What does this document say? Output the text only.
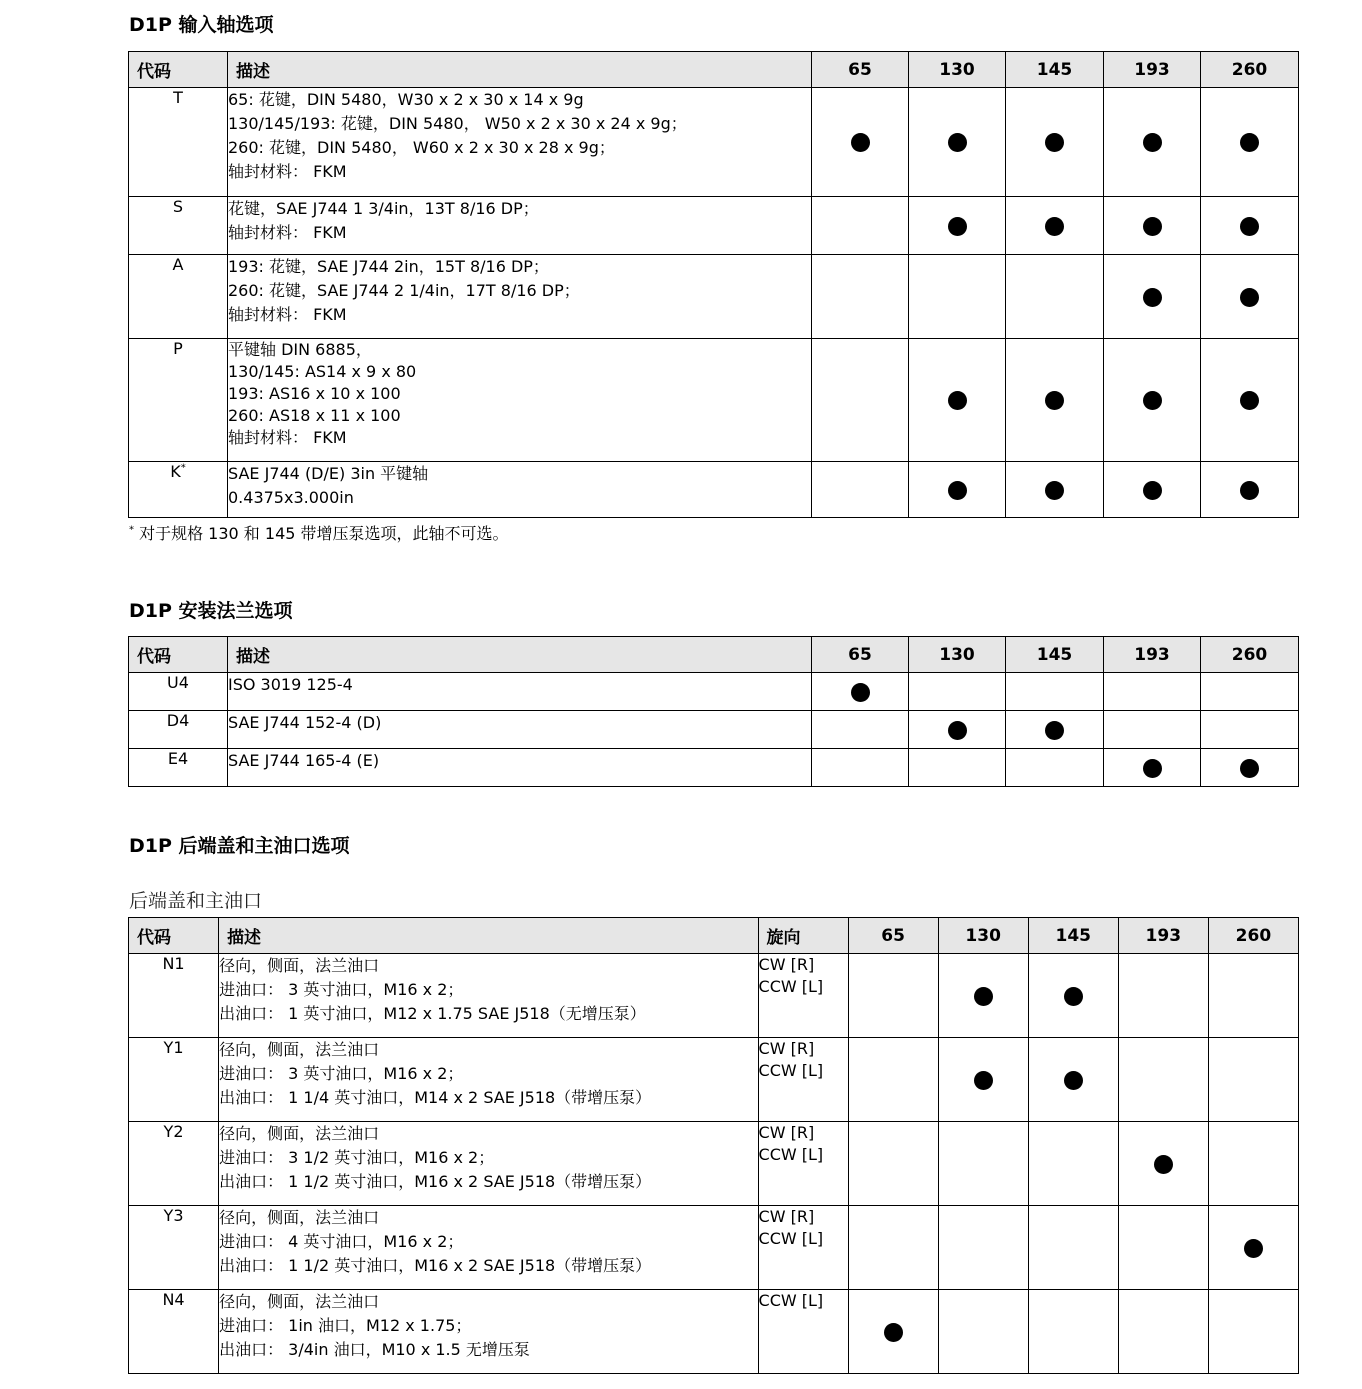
D1P 输入轴选项
代码	描述	65	130	145	193	260
T	65: 花键，DIN 5480，W30 x 2 x 30 x 14 x 9g
130/145/193: 花键，DIN 5480， W50 x 2 x 30 x 24 x 9g；
260: 花键，DIN 5480， W60 x 2 x 30 x 28 x 9g；
轴封材料： FKM					

S	花键，SAE J744 1 3/4in，13T 8/16 DP；
轴封材料： FKM					

A	193: 花键，SAE J744 2in，15T 8/16 DP；
260: 花键，SAE J744 2 1/4in，17T 8/16 DP；
轴封材料： FKM					

P	平键轴 DIN 6885，
130/145: AS14 x 9 x 80
193: AS16 x 10 x 100
260: AS18 x 11 x 100
轴封材料： FKM					

K*	SAE J744 (D/E) 3in 平键轴
0.4375x3.000in					

* 对于规格 130 和 145 带增压泵选项，此轴不可选。

D1P 安装法兰选项
代码	描述	65	130	145	193	260
U4	ISO 3019 125-4					

D4	SAE J744 152-4 (D)					

E4	SAE J744 165-4 (E)					

D1P 后端盖和主油口选项

后端盖和主油口

代码	描述	旋向	65	130	145	193	260
N1	径向，侧面，法兰油口
进油口： 3 英寸油口，M16 x 2；
出油口： 1 英寸油口，M12 x 1.75 SAE J518（无增压泵）	CW [R]
CCW [L]					

Y1	径向，侧面，法兰油口
进油口： 3 英寸油口，M16 x 2；
出油口： 1 1/4 英寸油口，M14 x 2 SAE J518（带增压泵）	CW [R]
CCW [L]					

Y2	径向，侧面，法兰油口
进油口： 3 1/2 英寸油口，M16 x 2；
出油口： 1 1/2 英寸油口，M16 x 2 SAE J518（带增压泵）	CW [R]
CCW [L]					

Y3	径向，侧面，法兰油口
进油口： 4 英寸油口，M16 x 2；
出油口： 1 1/2 英寸油口，M16 x 2 SAE J518（带增压泵）	CW [R]
CCW [L]					

N4	径向，侧面，法兰油口
进油口： 1in 油口，M12 x 1.75；
出油口： 3/4in 油口，M10 x 1.5 无增压泵	CCW [L]					
